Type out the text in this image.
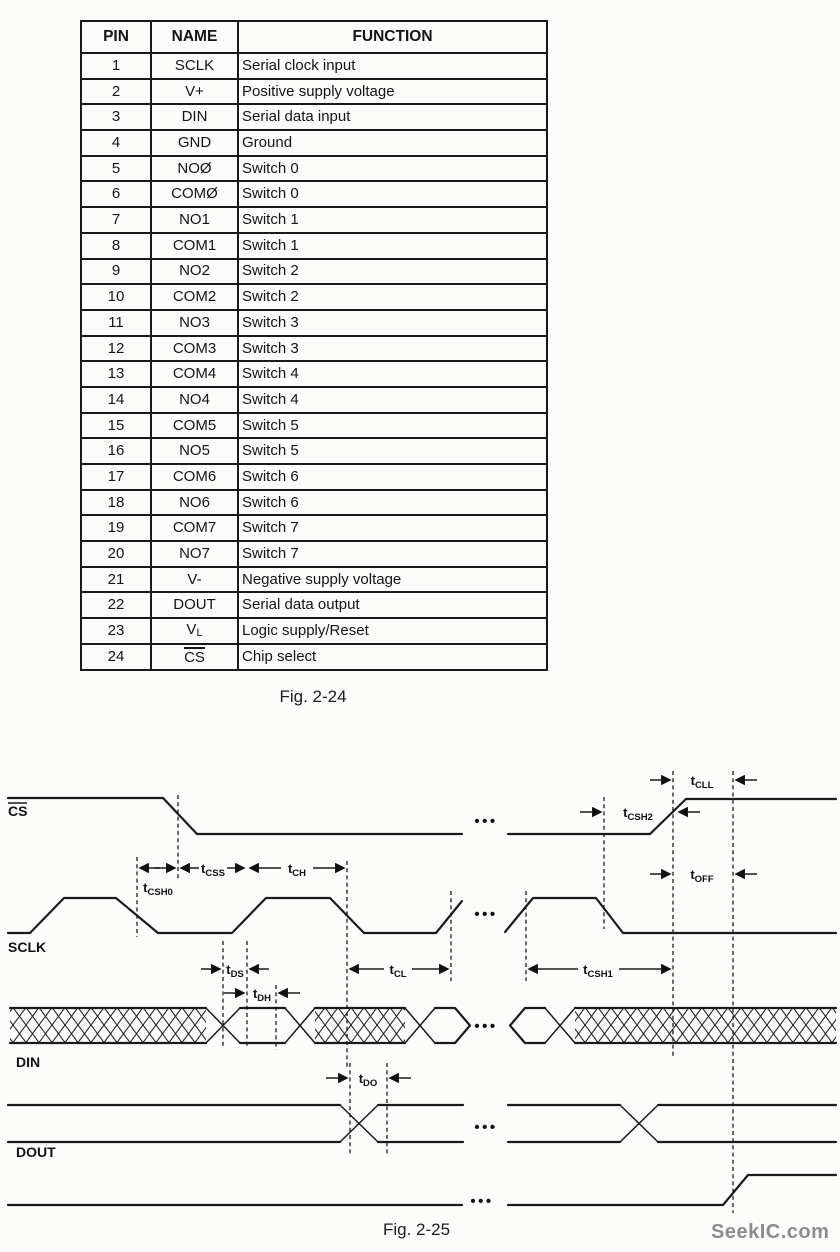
PIN	NAME	FUNCTION
1	SCLK	Serial clock input
2	V+	Positive supply voltage
3	DIN	Serial data input
4	GND	Ground
5	NOØ	Switch 0
6	COMØ	Switch 0
7	NO1	Switch 1
8	COM1	Switch 1
9	NO2	Switch 2
10	COM2	Switch 2
11	NO3	Switch 3
12	COM3	Switch 3
13	COM4	Switch 4
14	NO4	Switch 4
15	COM5	Switch 5
16	NO5	Switch 5
17	COM6	Switch 6
18	NO6	Switch 6
19	COM7	Switch 7
20	NO7	Switch 7
21	V-	Negative supply voltage
22	DOUT	Serial data output
23	VL	Logic supply/Reset
24	CS	Chip select
Fig. 2-24
CS
SCLK
DIN
DOUT
•••
•••
•••
•••
•••
$t_{CSH0}$
$t_{CSS}$	$t_{CH}$
$t_{CSH2}$
$t_{CLL}$
$t_{OFF}$
$t_{DS}$
$t_{DH}$
$t_{CL}$	$t_{CSH1}$
$t_{DO}$
Fig. 2-25	SeekIC.com
